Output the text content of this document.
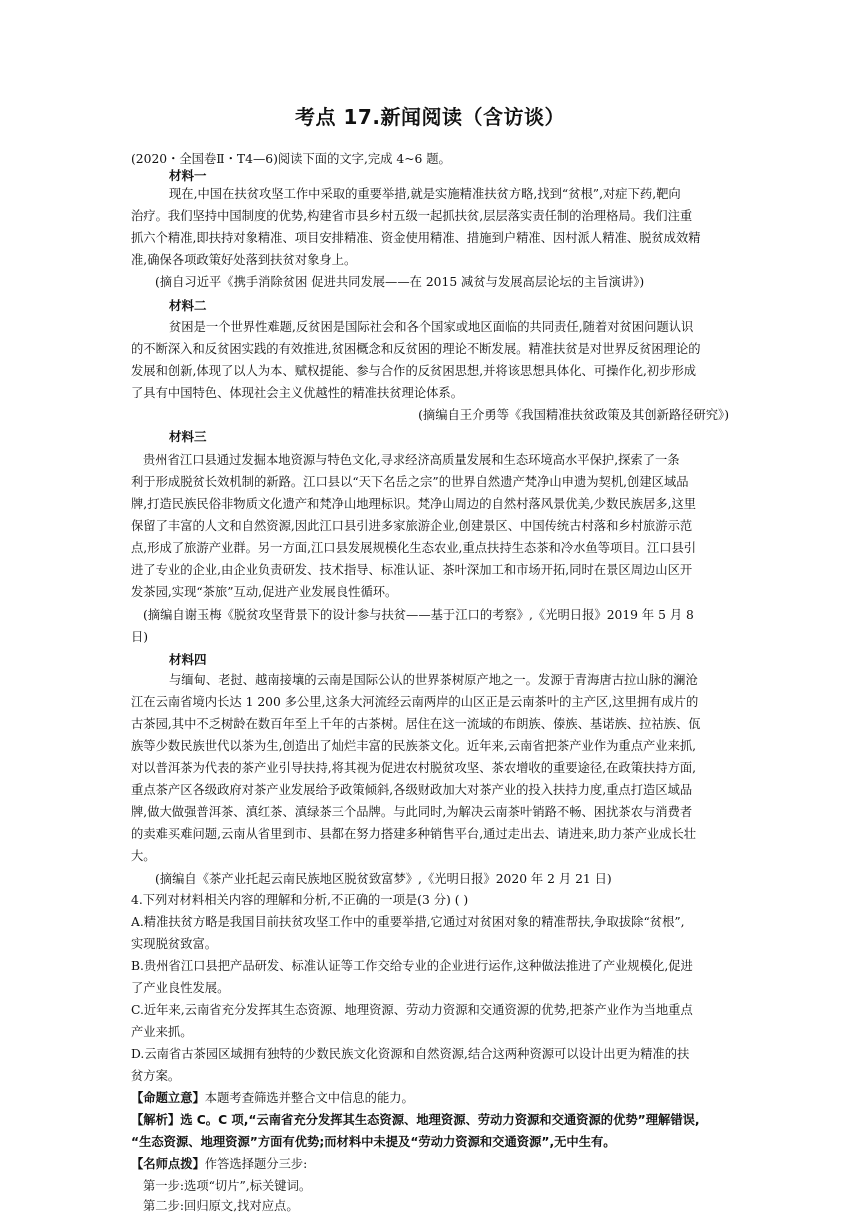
考点 17.新闻阅读（含访谈）
(2020・全国卷Ⅱ・T4—6)阅读下面的文字,完成 4~6 题。
材料一
现在,中国在扶贫攻坚工作中采取的重要举措,就是实施精准扶贫方略,找到“贫根”,对症下药,靶向
治疗。我们坚持中国制度的优势,构建省市县乡村五级一起抓扶贫,层层落实责任制的治理格局。我们注重
抓六个精准,即扶持对象精准、项目安排精准、资金使用精准、措施到户精准、因村派人精准、脱贫成效精
准,确保各项政策好处落到扶贫对象身上。
(摘自习近平《携手消除贫困 促进共同发展——在 2015 减贫与发展高层论坛的主旨演讲》)
材料二
贫困是一个世界性难题,反贫困是国际社会和各个国家或地区面临的共同责任,随着对贫困问题认识
的不断深入和反贫困实践的有效推进,贫困概念和反贫困的理论不断发展。精准扶贫是对世界反贫困理论的
发展和创新,体现了以人为本、赋权提能、参与合作的反贫困思想,并将该思想具体化、可操作化,初步形成
了具有中国特色、体现社会主义优越性的精准扶贫理论体系。
(摘编自王介勇等《我国精准扶贫政策及其创新路径研究》)
材料三
贵州省江口县通过发掘本地资源与特色文化,寻求经济高质量发展和生态环境高水平保护,探索了一条
利于形成脱贫长效机制的新路。江口县以“天下名岳之宗”的世界自然遗产梵净山申遗为契机,创建区域品
牌,打造民族民俗非物质文化遗产和梵净山地理标识。梵净山周边的自然村落风景优美,少数民族居多,这里
保留了丰富的人文和自然资源,因此江口县引进多家旅游企业,创建景区、中国传统古村落和乡村旅游示范
点,形成了旅游产业群。另一方面,江口县发展规模化生态农业,重点扶持生态茶和冷水鱼等项目。江口县引
进了专业的企业,由企业负责研发、技术指导、标准认证、茶叶深加工和市场开拓,同时在景区周边山区开
发茶园,实现“茶旅”互动,促进产业发展良性循环。
(摘编自谢玉梅《脱贫攻坚背景下的设计参与扶贫——基于江口的考察》,《光明日报》2019 年 5 月 8
日)
材料四
与缅甸、老挝、越南接壤的云南是国际公认的世界茶树原产地之一。发源于青海唐古拉山脉的澜沧
江在云南省境内长达 1 200 多公里,这条大河流经云南两岸的山区正是云南茶叶的主产区,这里拥有成片的
古茶园,其中不乏树龄在数百年至上千年的古茶树。居住在这一流域的布朗族、傣族、基诺族、拉祜族、佤
族等少数民族世代以茶为生,创造出了灿烂丰富的民族茶文化。近年来,云南省把茶产业作为重点产业来抓,
对以普洱茶为代表的茶产业引导扶持,将其视为促进农村脱贫攻坚、茶农增收的重要途径,在政策扶持方面,
重点茶产区各级政府对茶产业发展给予政策倾斜,各级财政加大对茶产业的投入扶持力度,重点打造区域品
牌,做大做强普洱茶、滇红茶、滇绿茶三个品牌。与此同时,为解决云南茶叶销路不畅、困扰茶农与消费者
的卖难买难问题,云南从省里到市、县都在努力搭建多种销售平台,通过走出去、请进来,助力茶产业成长壮
大。
(摘编自《茶产业托起云南民族地区脱贫致富梦》,《光明日报》2020 年 2 月 21 日)
4.下列对材料相关内容的理解和分析,不正确的一项是(3 分) ( )
A.精准扶贫方略是我国目前扶贫攻坚工作中的重要举措,它通过对贫困对象的精准帮扶,争取拔除“贫根”,
实现脱贫致富。
B.贵州省江口县把产品研发、标准认证等工作交给专业的企业进行运作,这种做法推进了产业规模化,促进
了产业良性发展。
C.近年来,云南省充分发挥其生态资源、地理资源、劳动力资源和交通资源的优势,把茶产业作为当地重点
产业来抓。
D.云南省古茶园区域拥有独特的少数民族文化资源和自然资源,结合这两种资源可以设计出更为精准的扶
贫方案。
【命题立意】本题考查筛选并整合文中信息的能力。
【解析】选 C。C 项,“云南省充分发挥其生态资源、地理资源、劳动力资源和交通资源的优势”理解错误,
“生态资源、地理资源”方面有优势;而材料中未提及“劳动力资源和交通资源”,无中生有。
【名师点拨】作答选择题分三步:
第一步:选项“切片”,标关键词。
第二步:回归原文,找对应点。
